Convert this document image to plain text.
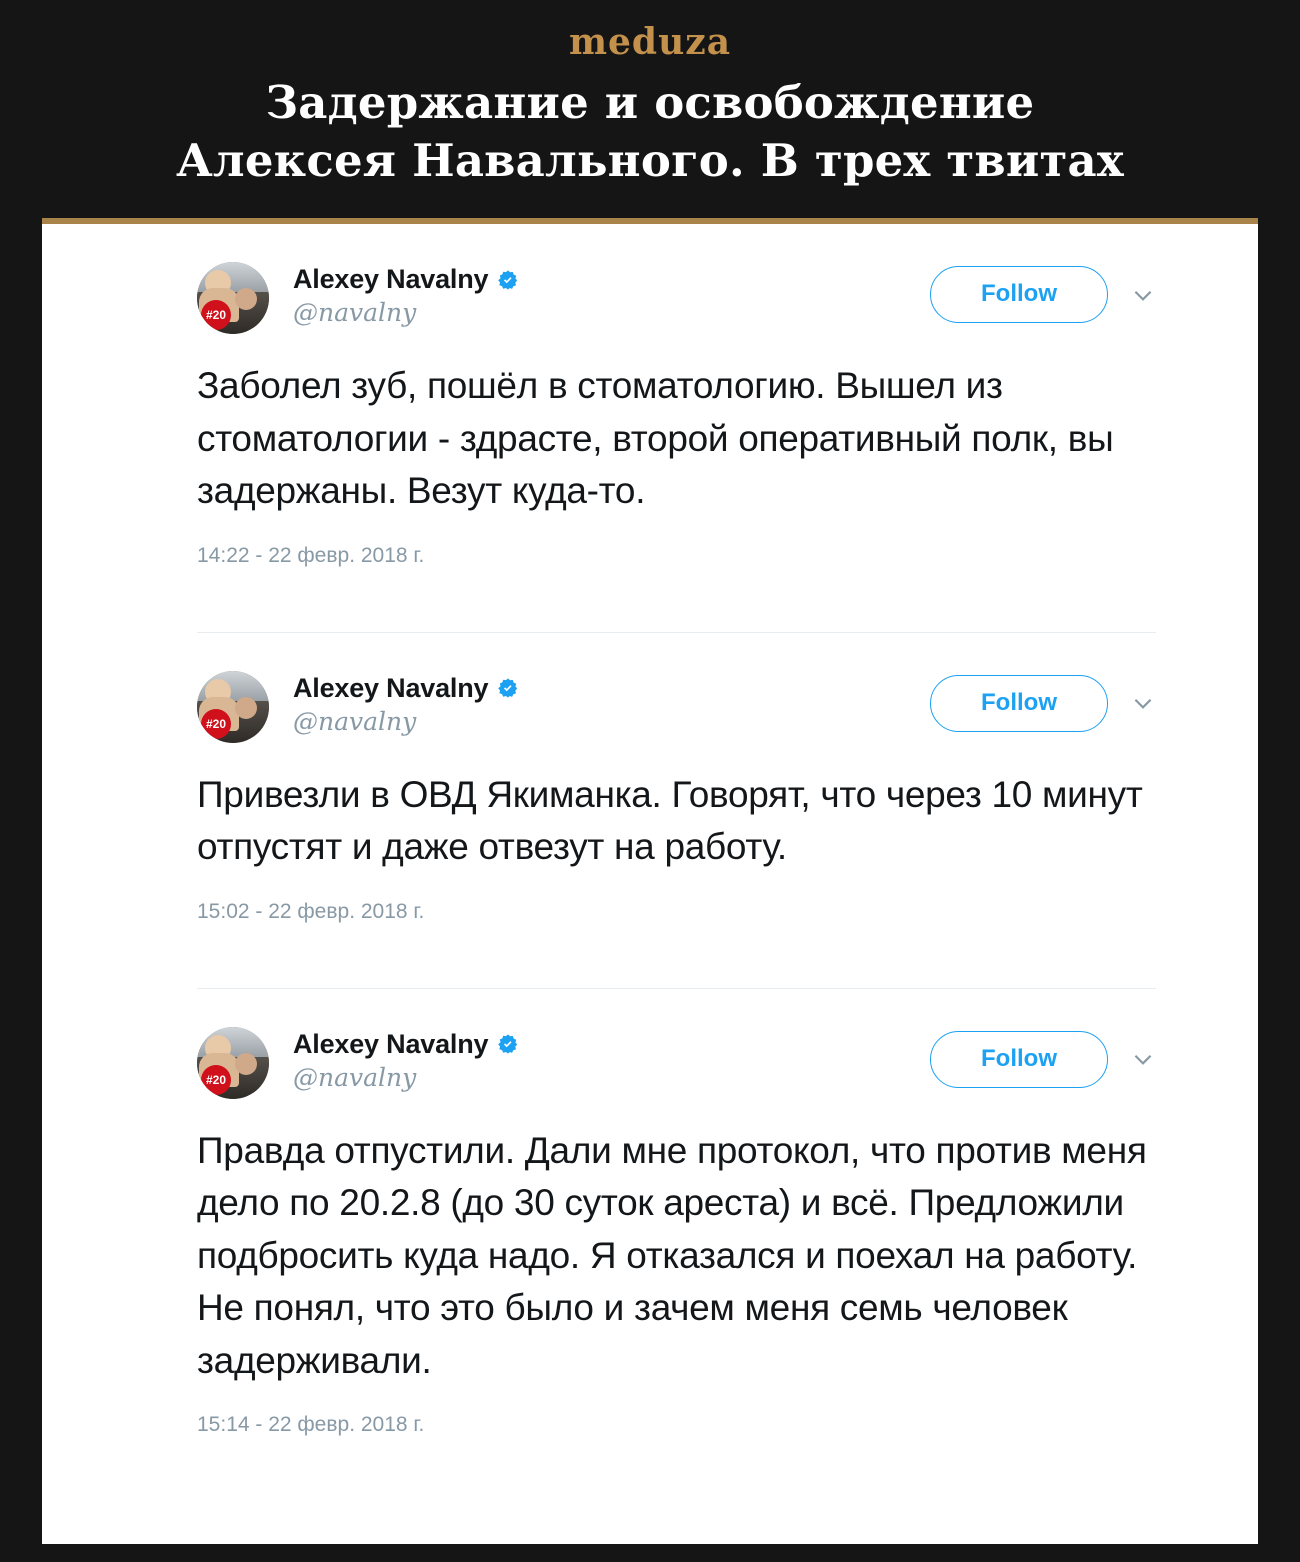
meduza
Задержание и освобождение
Алексея Навального. В трех твитах
#20
Alexey Navalny
@navalny
Follow
Заболел зуб, пошёл в стоматологию. Вышел из стоматологии - здрасте, второй оперативный полк, вы задержаны. Везут куда-то.
14:22 - 22 февр. 2018 г.
#20
Alexey Navalny
@navalny
Follow
Привезли в ОВД Якиманка. Говорят, что через 10 минут отпустят и даже отвезут на работу.
15:02 - 22 февр. 2018 г.
#20
Alexey Navalny
@navalny
Follow
Правда отпустили. Дали мне протокол, что против меня дело по 20.2.8 (до 30 суток ареста) и всё. Предложили подбросить куда надо. Я отказался и поехал на работу. Не понял, что это было и зачем меня семь человек задерживали.
15:14 - 22 февр. 2018 г.
